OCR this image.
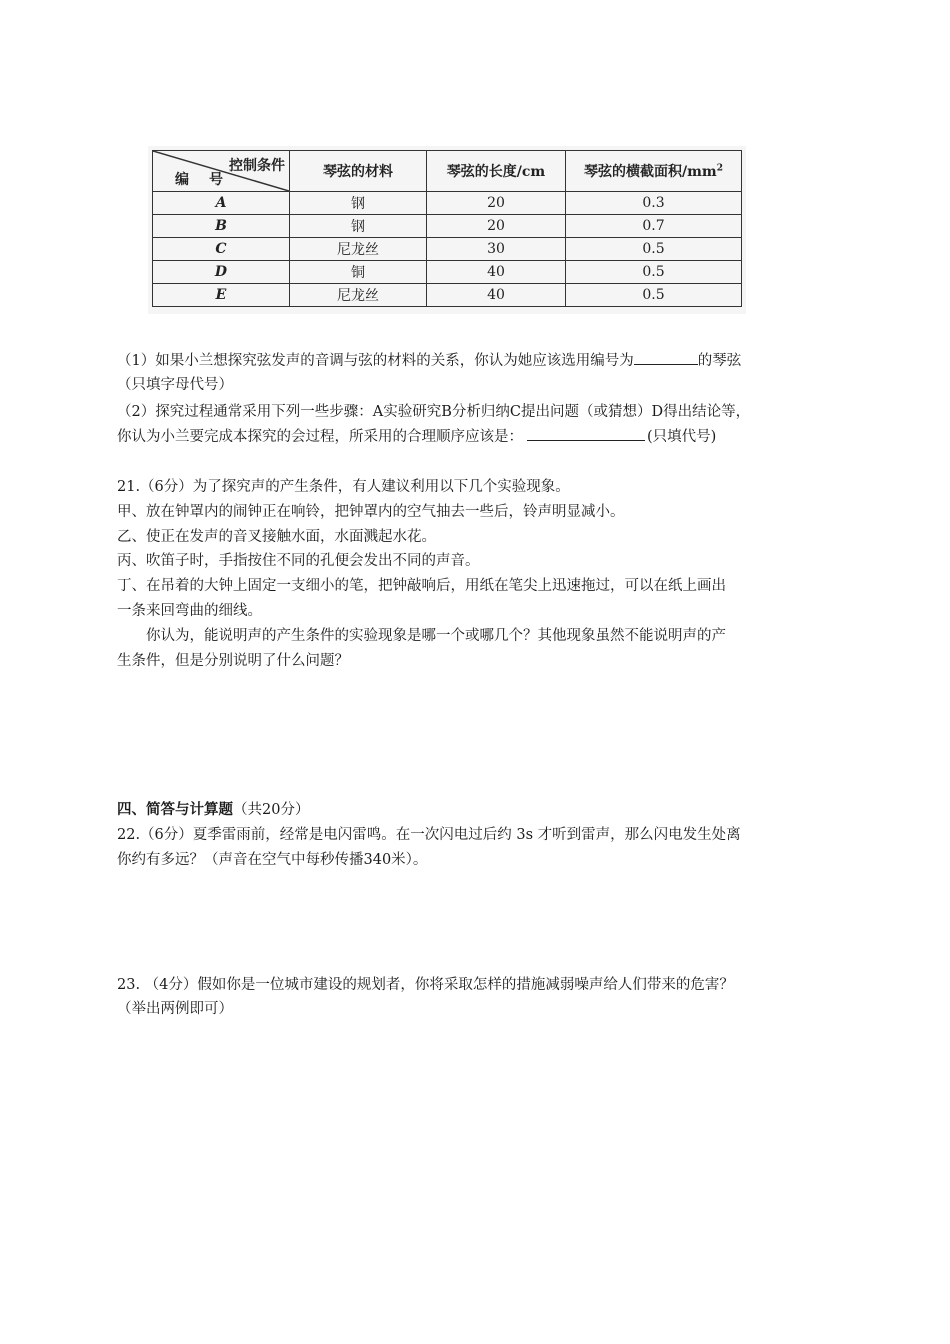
控制条件
编号	琴弦的材料	琴弦的长度/cm	琴弦的横截面积$/mm^2$
A	钢	20	0.3
B	钢	20	0.7
C	尼龙丝	30	0.5
D	铜	40	0.5
E	尼龙丝	40	0.5
（1）如果小兰想探究弦发声的音调与弦的材料的关系，你认为她应该选用编号为	的琴弦
（只填字母代号）
（2）探究过程通常采用下列一些步骤：A实验研究B分析归纳C提出问题（或猜想）D得出结论等，
你认为小兰要完成本探究的会过程，所采用的合理顺序应该是：	(只填代号)
21.（6分）为了探究声的产生条件，有人建议利用以下几个实验现象。
甲、放在钟罩内的闹钟正在响铃，把钟罩内的空气抽去一些后，铃声明显减小。
乙、使正在发声的音叉接触水面，水面溅起水花。
丙、吹笛子时，手指按住不同的孔便会发出不同的声音。
丁、在吊着的大钟上固定一支细小的笔，把钟敲响后，用纸在笔尖上迅速拖过，可以在纸上画出
一条来回弯曲的细线。
你认为，能说明声的产生条件的实验现象是哪一个或哪几个？其他现象虽然不能说明声的产
生条件，但是分别说明了什么问题？
四、简答与计算题（共20分）
22.（6分）夏季雷雨前，经常是电闪雷鸣。在一次闪电过后约 3s 才听到雷声，那么闪电发生处离
你约有多远？（声音在空气中每秒传播340米）。
23. （4分）假如你是一位城市建设的规划者，你将采取怎样的措施减弱噪声给人们带来的危害？
（举出两例即可）
